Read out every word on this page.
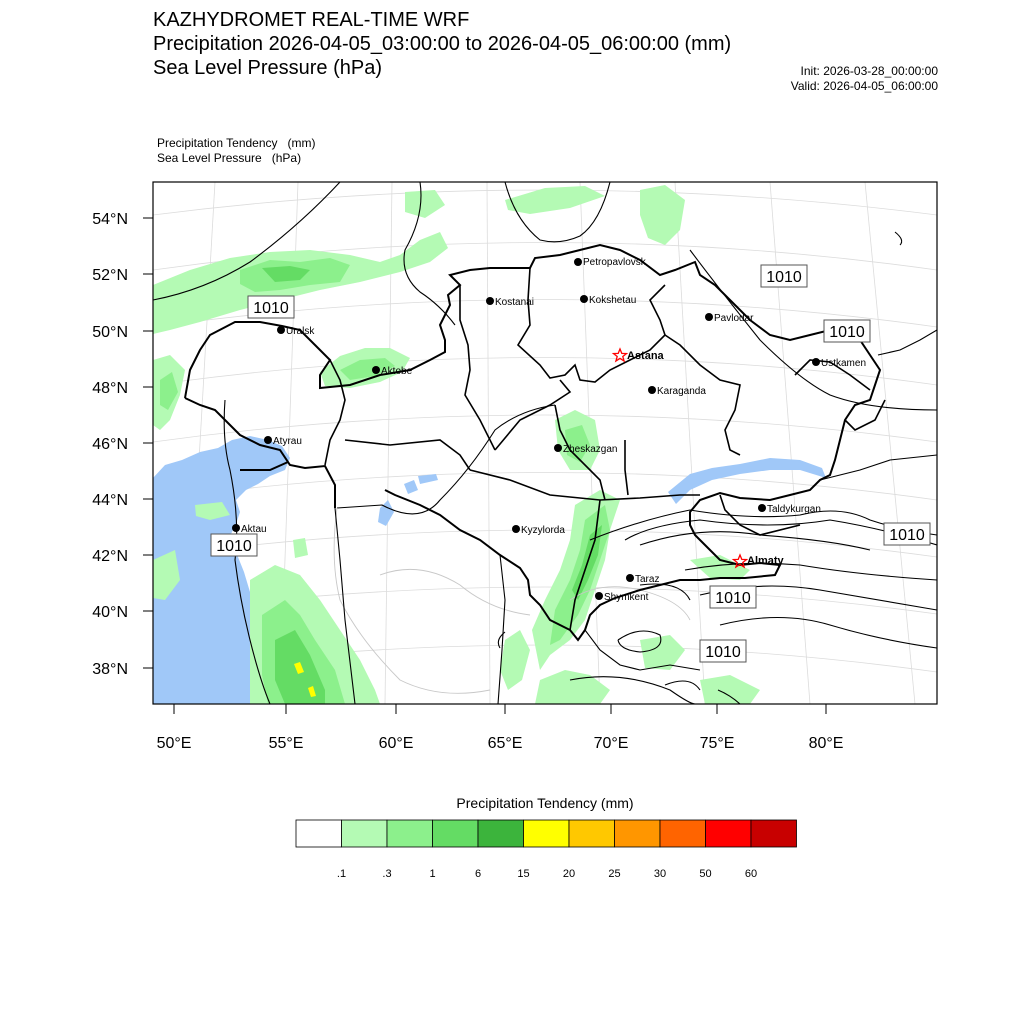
KAZHYDROMET REAL-TIME WRF
Precipitation 2026-04-05_03:00:00 to 2026-04-05_06:00:00 (mm)
Sea Level Pressure (hPa)	Init: 2026-03-28_00:00:00
Valid: 2026-04-05_06:00:00
Precipitation Tendency   (mm)
Sea Level Pressure   (hPa)
54°N
52°N
50°N
48°N
46°N
44°N
42°N
40°N
38°N
50°E	55°E	60°E	65°E	70°E	75°E	80°E
1010
1010
1010
1010
1010
1010
1010
Petropavlovsk
Kostanai	Kokshetau
Pavlodar
Uralsk
Astana
Aktobe
Ustkamen
Karaganda
Atyrau
Zheskazgan
Aktau	Kyzylorda
Taldykurgan
Almaty
Taraz
Shymkent
.1	.3	1	6	15	20	25	30	50	60
Precipitation Tendency (mm)
